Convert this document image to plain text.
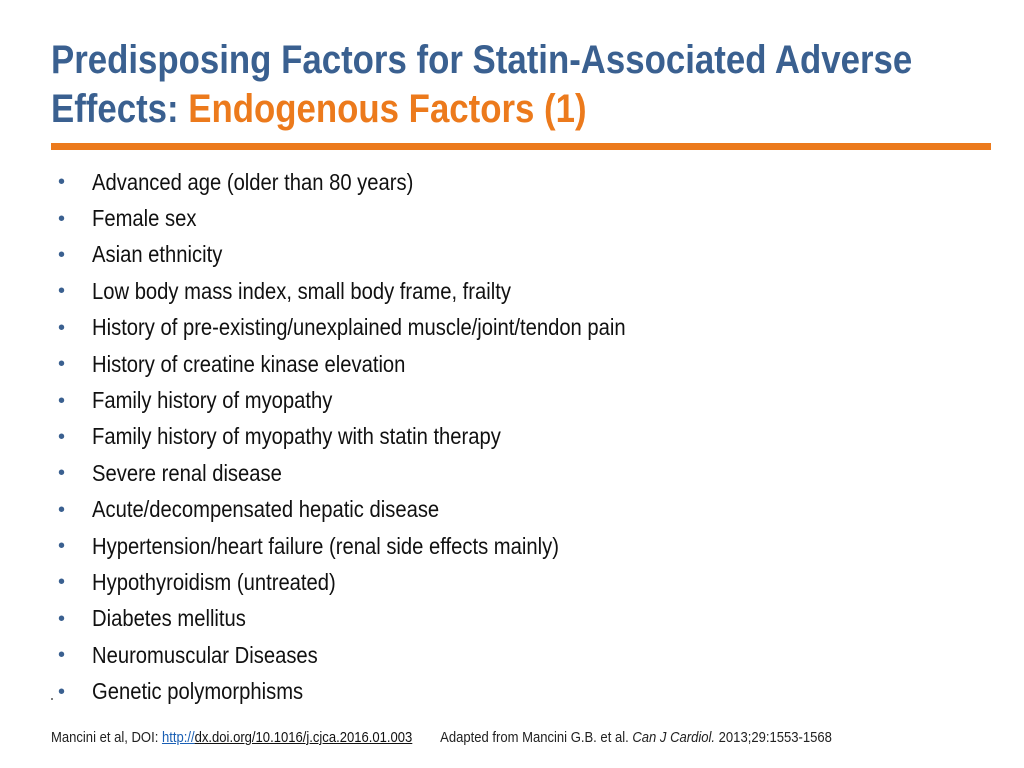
Predisposing Factors for Statin-Associated Adverse
Effects: Endogenous Factors (1)
•	Advanced age (older than 80 years)
•	Female sex
•	Asian ethnicity
•	Low body mass index, small body frame, frailty
•	History of pre-existing/unexplained muscle/joint/tendon pain
•	History of creatine kinase elevation
•	Family history of myopathy
•	Family history of myopathy with statin therapy
•	Severe renal disease
•	Acute/decompensated hepatic disease
•	Hypertension/heart failure (renal side effects mainly)
•	Hypothyroidism (untreated)
•	Diabetes mellitus
•	Neuromuscular Diseases
•	Genetic polymorphisms
Mancini et al, DOI: http://dx.doi.org/10.1016/j.cjca.2016.01.003 Adapted from Mancini G.B. et al. Can J Cardiol. 2013;29:1553-1568
